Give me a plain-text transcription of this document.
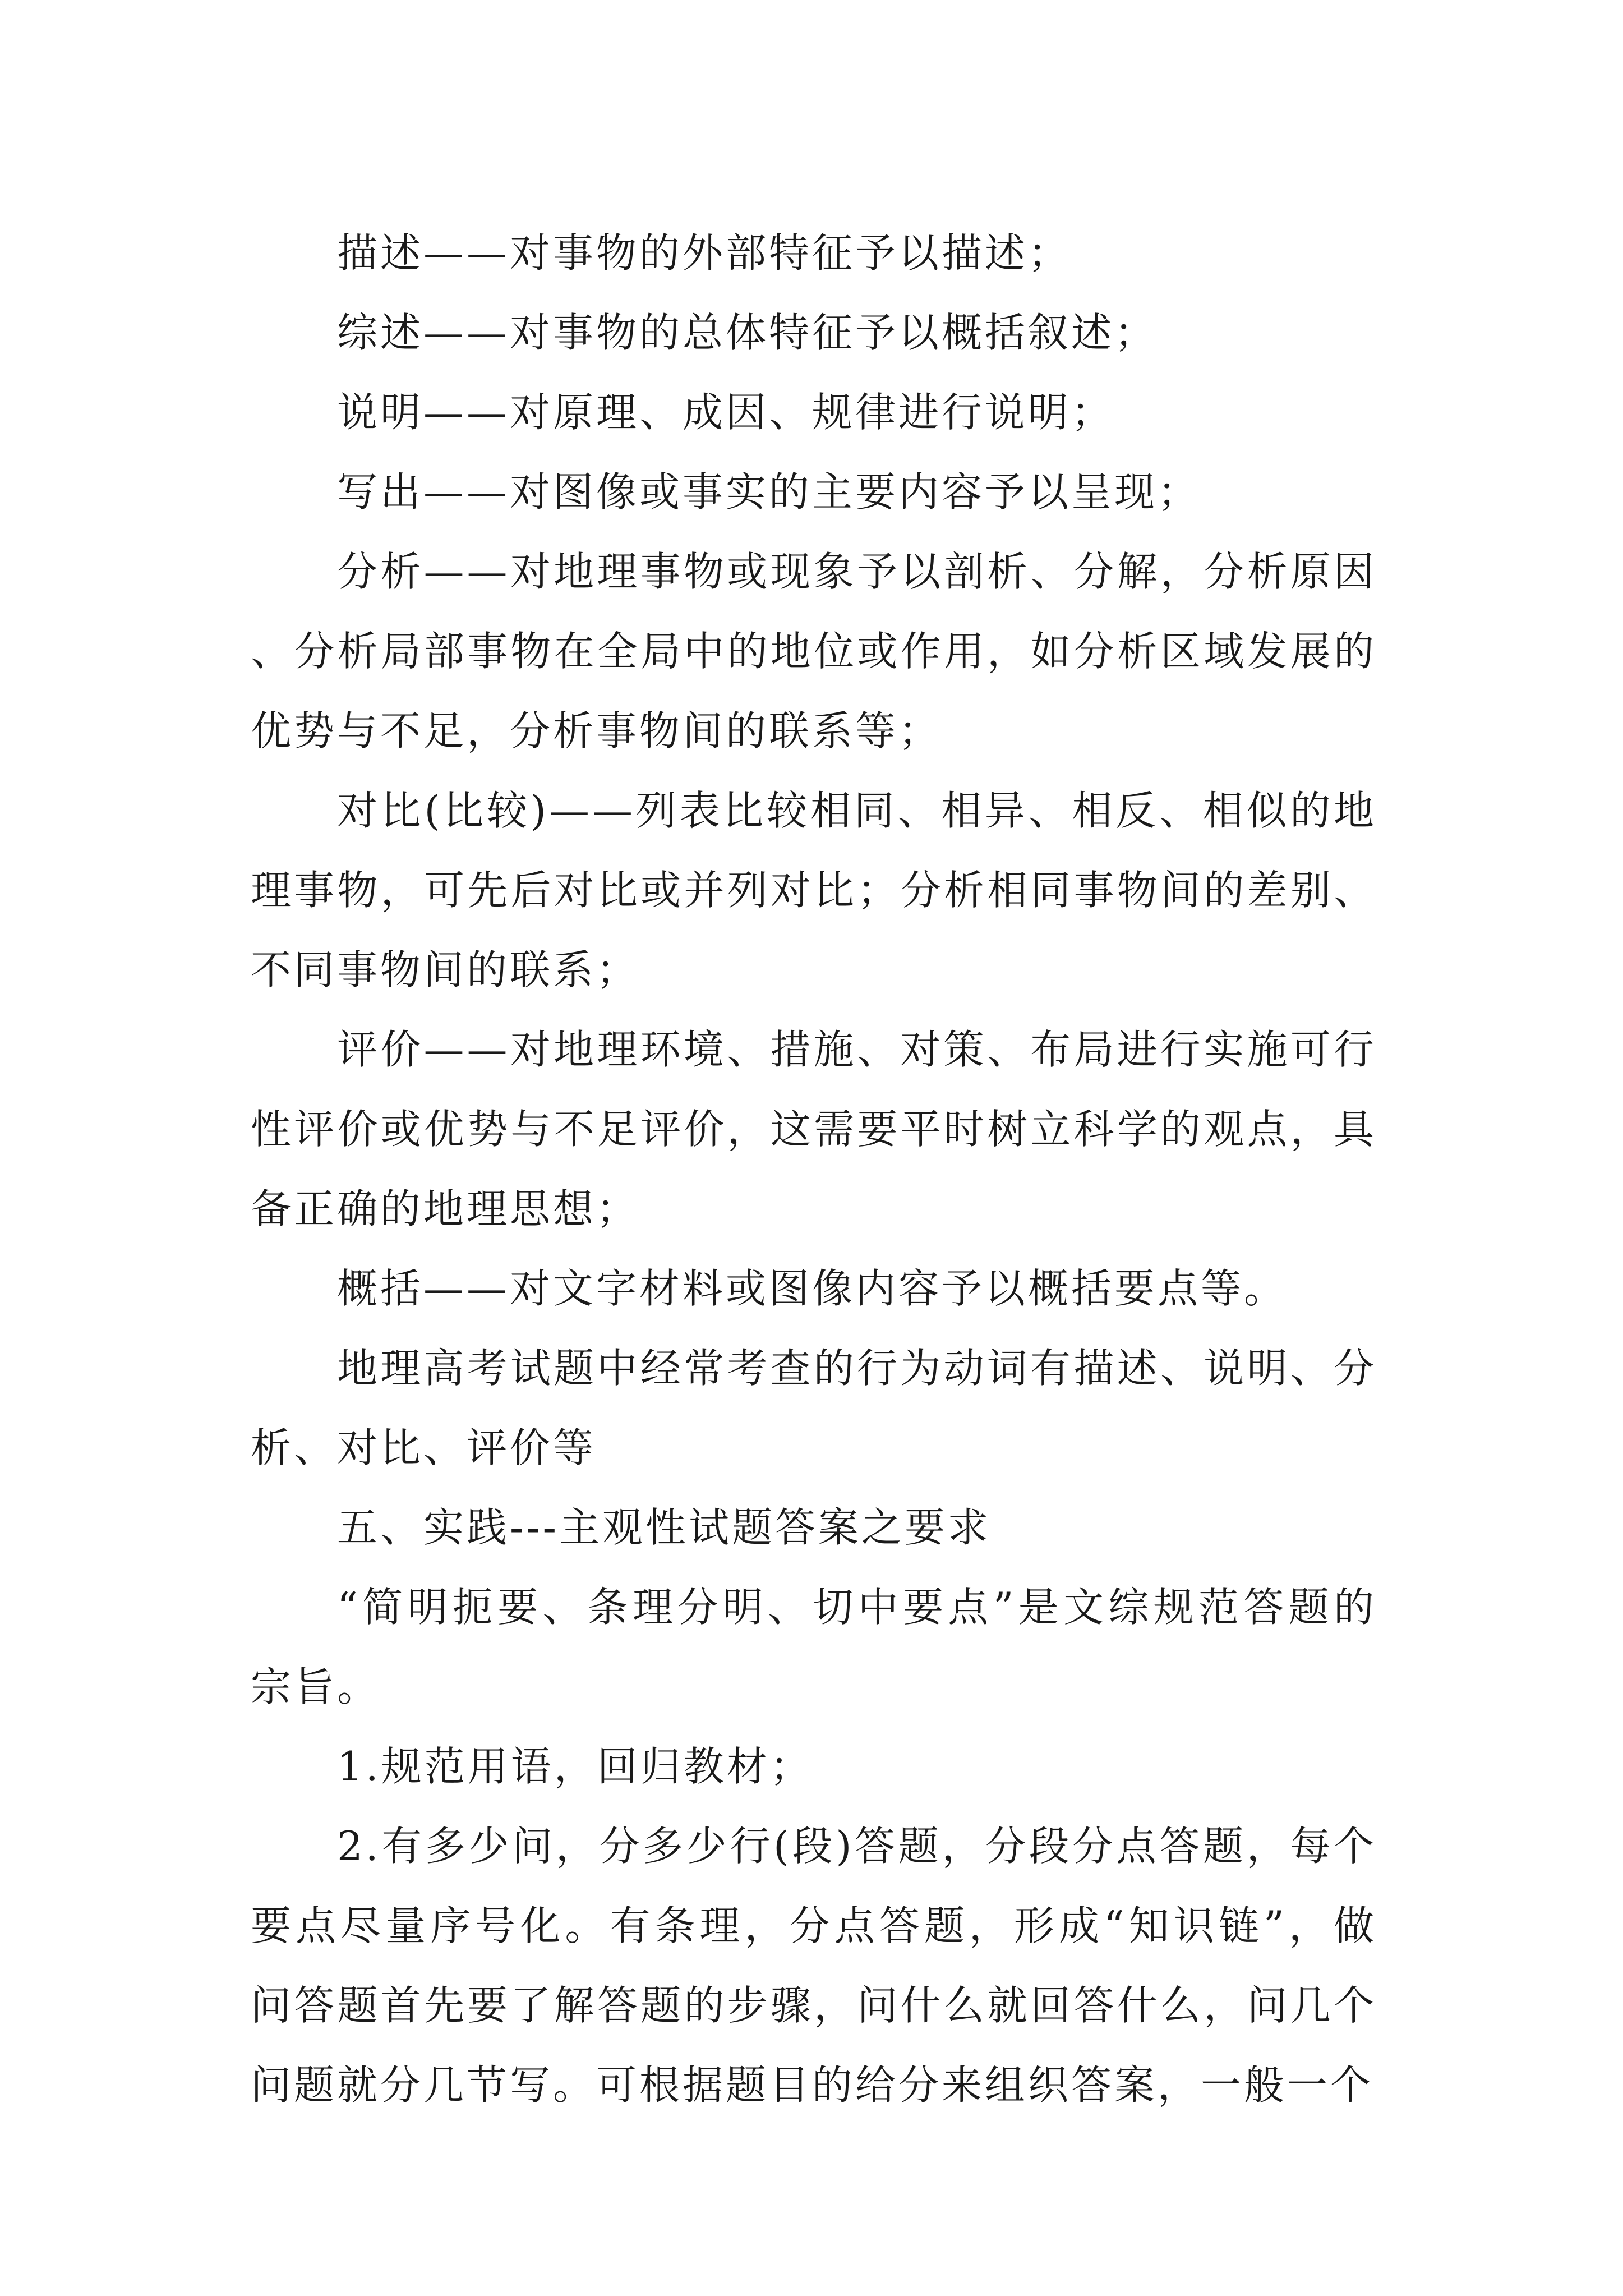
描述——对事物的外部特征予以描述；

综述——对事物的总体特征予以概括叙述；

说明——对原理、成因、规律进行说明；

写出——对图像或事实的主要内容予以呈现；

分析——对地理事物或现象予以剖析、分解，分析原因、分析局部事物在全局中的地位或作用，如分析区域发展的优势与不足，分析事物间的联系等；

对比(比较)——列表比较相同、相异、相反、相似的地理事物，可先后对比或并列对比；分析相同事物间的差别、不同事物间的联系；

评价——对地理环境、措施、对策、布局进行实施可行性评价或优势与不足评价，这需要平时树立科学的观点，具备正确的地理思想；

概括——对文字材料或图像内容予以概括要点等。

地理高考试题中经常考查的行为动词有描述、说明、分析、对比、评价等

五、实践---主观性试题答案之要求

“简明扼要、条理分明、切中要点”是文综规范答题的宗旨。

1.规范用语，回归教材；

2.有多少问，分多少行(段)答题，分段分点答题，每个要点尽量序号化。有条理，分点答题，形成“知识链”，做问答题首先要了解答题的步骤，问什么就回答什么，问几个问题就分几节写。可根据题目的给分来组织答案，一般一个
